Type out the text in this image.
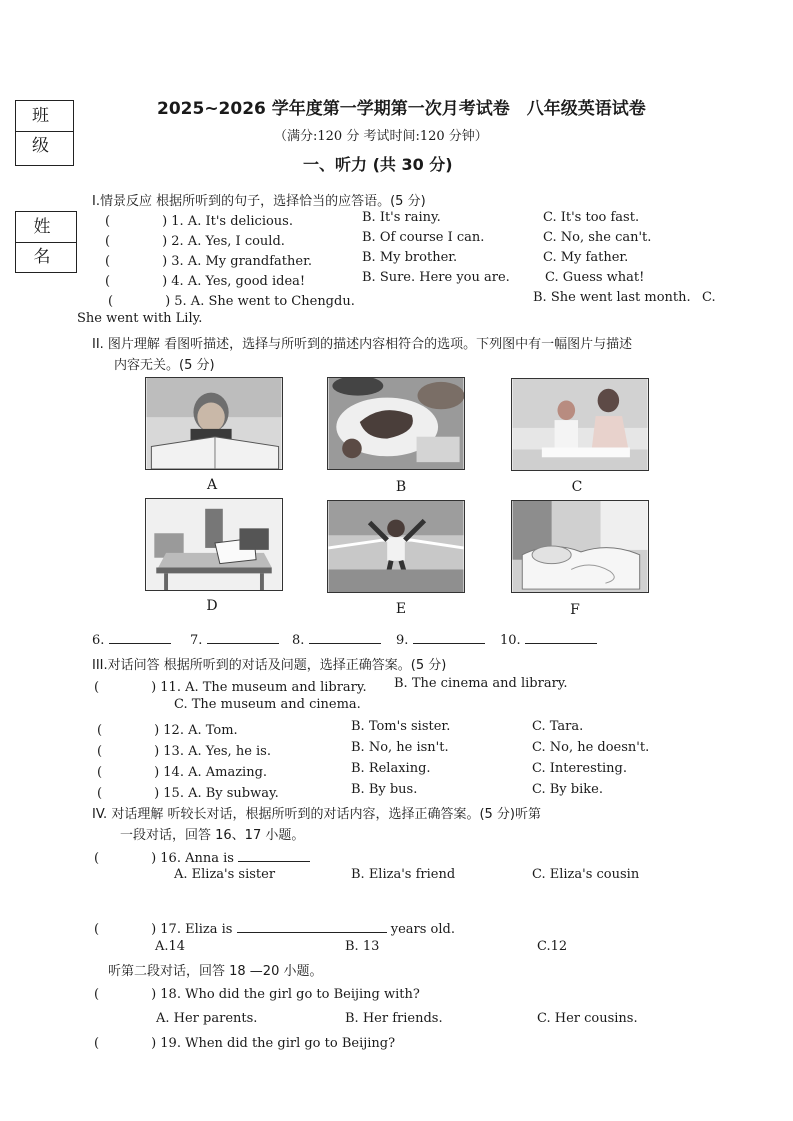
班 级
姓 名
2025~2026 学年度第一学期第一次月考试卷　八年级英语试卷
（满分:120 分 考试时间:120 分钟）
一、听力 (共 30 分)
I.情景反应 根据所听到的句子，选择恰当的应答语。(5 分)
(　　　　) 1. A. It's delicious.	B. It's rainy.	C. It's too fast.
(　　　　) 2. A. Yes, I could.	B. Of course I can.	C. No, she can't.
(　　　　) 3. A. My grandfather.	B. My brother.	C. My father.
(　　　　) 4. A. Yes, good idea!	B. Sure. Here you are.	C. Guess what!
(　　　　) 5. A. She went to Chengdu.	B. She went last month. C.
She went with Lily.
II. 图片理解 看图听描述，选择与所听到的描述内容相符合的选项。下列图中有一幅图片与描述
内容无关。(5 分)
A	B	C
D	E	F
6.	7.	8.	9.	10.
III.对话问答 根据所听到的对话及问题，选择正确答案。(5 分)
(　　　　) 11. A. The museum and library. B. The cinema and library.
C. The museum and cinema.
(　　　　) 12. A. Tom.	B. Tom's sister.	C. Tara.
(　　　　) 13. A. Yes, he is.	B. No, he isn't.	C. No, he doesn't.
(　　　　) 14. A. Amazing.	B. Relaxing.	C. Interesting.
(　　　　) 15. A. By subway.	B. By bus.	C. By bike.
IV. 对话理解 听较长对话，根据所听到的对话内容，选择正确答案。(5 分)听第
一段对话，回答 16、17 小题。
(　　　　) 16. Anna is
A. Eliza's sister	B. Eliza's friend	C. Eliza's cousin
(　　　　) 17. Eliza is	years old.
A.14	B. 13	C.12
听第二段对话，回答 18 —20 小题。
(　　　　) 18. Who did the girl go to Beijing with?
A. Her parents.	B. Her friends.	C. Her cousins.
(　　　　) 19. When did the girl go to Beijing?
